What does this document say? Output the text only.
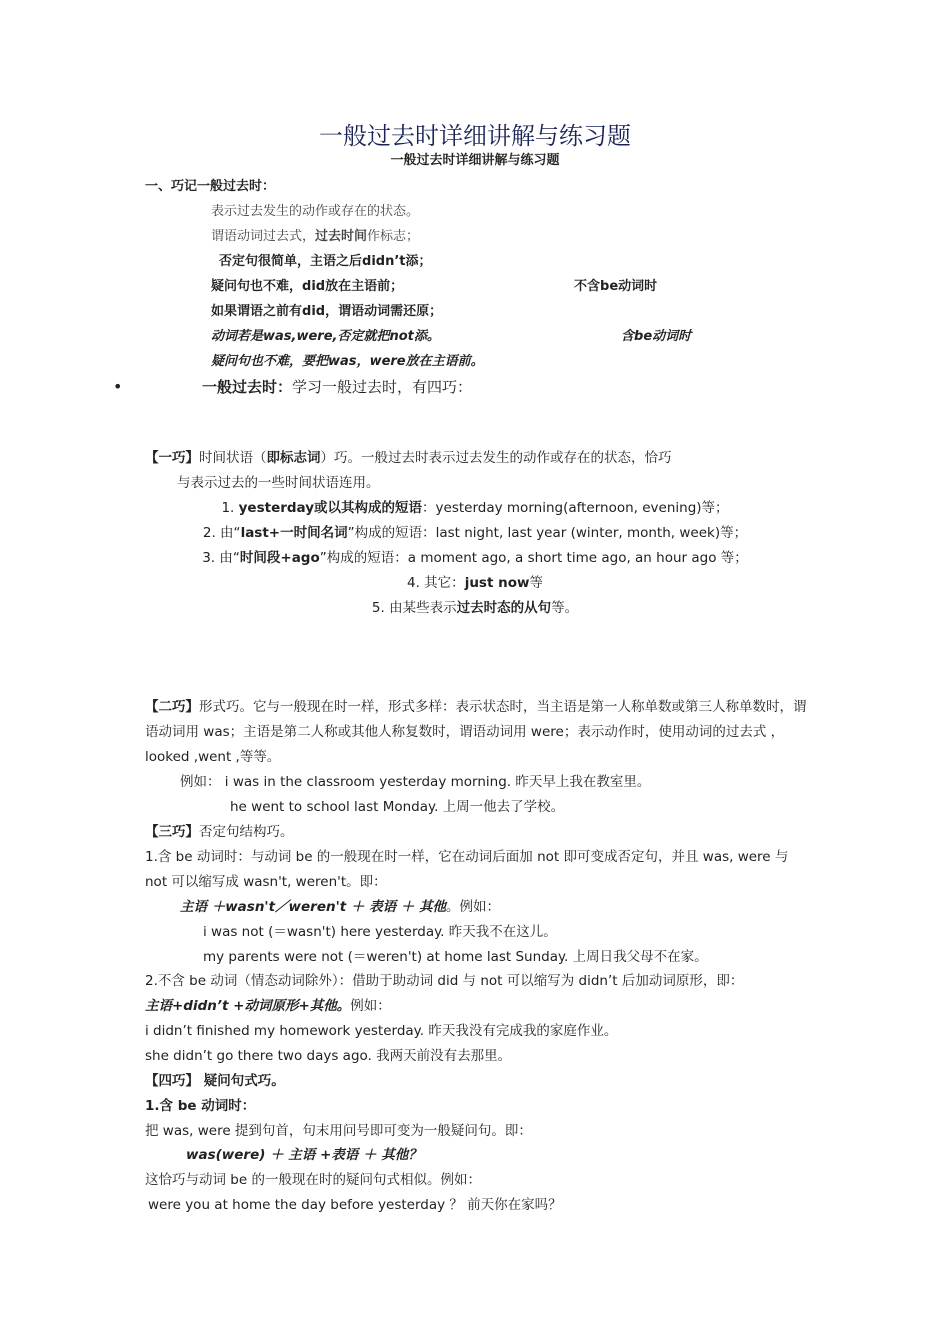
一般过去时详细讲解与练习题
一般过去时详细讲解与练习题
•
一、巧记一般过去时：
表示过去发生的动作或存在的状态。
谓语动词过去式，过去时间作标志；
否定句很简单，主语之后didn’t添；
疑问句也不难，did放在主语前；	不含be动词时
如果谓语之前有did，谓语动词需还原；
动词若是was,were,否定就把not添。	含be动词时
疑问句也不难，要把was，were放在主语前。
一般过去时：学习一般过去时，有四巧：
【一巧】时间状语（即标志词）巧。一般过去时表示过去发生的动作或存在的状态，恰巧
与表示过去的一些时间状语连用。
1. yesterday或以其构成的短语：yesterday morning(afternoon, evening)等；
2. 由“last+一时间名词”构成的短语：last night, last year (winter, month, week)等；
3. 由“时间段+ago”构成的短语：a moment ago, a short time ago, an hour ago 等；
4. 其它：just now等
5. 由某些表示过去时态的从句等。
【二巧】形式巧。它与一般现在时一样，形式多样：表示状态时，当主语是第一人称单数或第三人称单数时，谓
语动词用 was；主语是第二人称或其他人称复数时，谓语动词用 were；表示动作时，使用动词的过去式 ，
looked ,went ,等等。
例如： i was in the classroom yesterday morning. 昨天早上我在教室里。
he went to school last Monday. 上周一他去了学校。
【三巧】否定句结构巧。
1.含 be 动词时：与动词 be 的一般现在时一样，它在动词后面加 not 即可变成否定句，并且 was, were 与
not 可以缩写成 wasn't, weren't。即：
主语 ＋wasn't／weren't ＋ 表语 ＋ 其他。例如：
i was not (＝wasn't) here yesterday. 昨天我不在这儿。
my parents were not (＝weren't) at home last Sunday. 上周日我父母不在家。
2.不含 be 动词（情态动词除外）：借助于助动词 did 与 not 可以缩写为 didn’t 后加动词原形，即：
主语+didn’t +动词原形+其他。例如：
i didn’t finished my homework yesterday. 昨天我没有完成我的家庭作业。
she didn’t go there two days ago. 我两天前没有去那里。
【四巧】 疑问句式巧。
1.含 be 动词时：
把 was, were 提到句首，句末用问号即可变为一般疑问句。即：
was(were) ＋ 主语 +表语 ＋ 其他？
这恰巧与动词 be 的一般现在时的疑问句式相似。例如：
were you at home the day before yesterday ？ 前天你在家吗？
